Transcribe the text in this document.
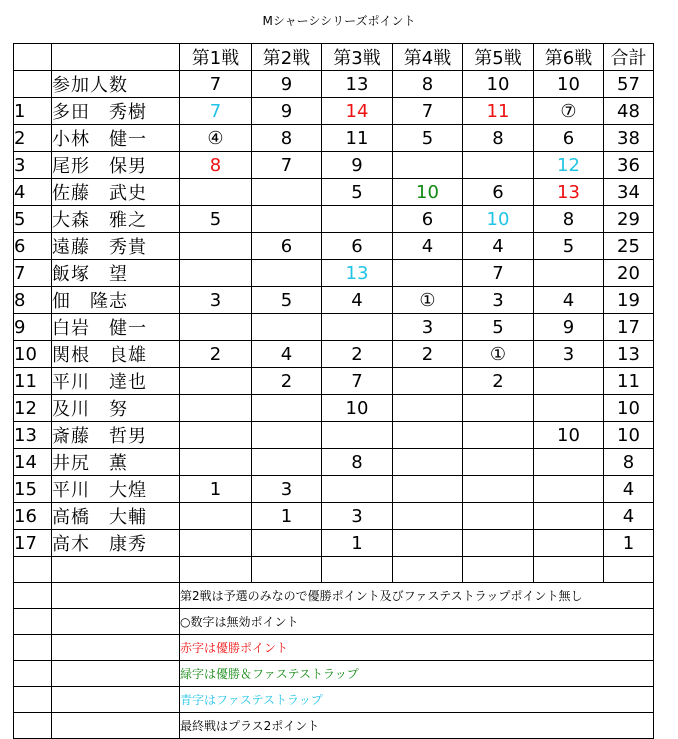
Mシャーシシリーズポイント
		第1戦	第2戦	第3戦	第4戦	第5戦	第6戦	合計
	参加人数	7	9	13	8	10	10	57
1	多田　秀樹	7	9	14	7	11	⑦	48
2	小林　健一	④	8	11	5	8	6	38
3	尾形　保男	8	7	9			12	36
4	佐藤　武史			5	10	6	13	34
5	大森　雅之	5			6	10	8	29
6	遠藤　秀貴		6	6	4	4	5	25
7	飯塚　望			13		7		20
8	佃　隆志	3	5	4	①	3	4	19
9	白岩　健一				3	5	9	17
10	関根　良雄	2	4	2	2	①	3	13
11	平川　達也		2	7		2		11
12	及川　努			10				10
13	斎藤　哲男						10	10
14	井尻　薫			8				8
15	平川　大煌	1	3					4
16	高橋　大輔		1	3				4
17	高木　康秀			1				1

		第2戦は予選のみなので優勝ポイント及びファステストラップポイント無し						
		○数字は無効ポイント						
		赤字は優勝ポイント						
		緑字は優勝＆ファステストラップ						
		青字はファステストラップ						
		最終戦はプラス2ポイント						
